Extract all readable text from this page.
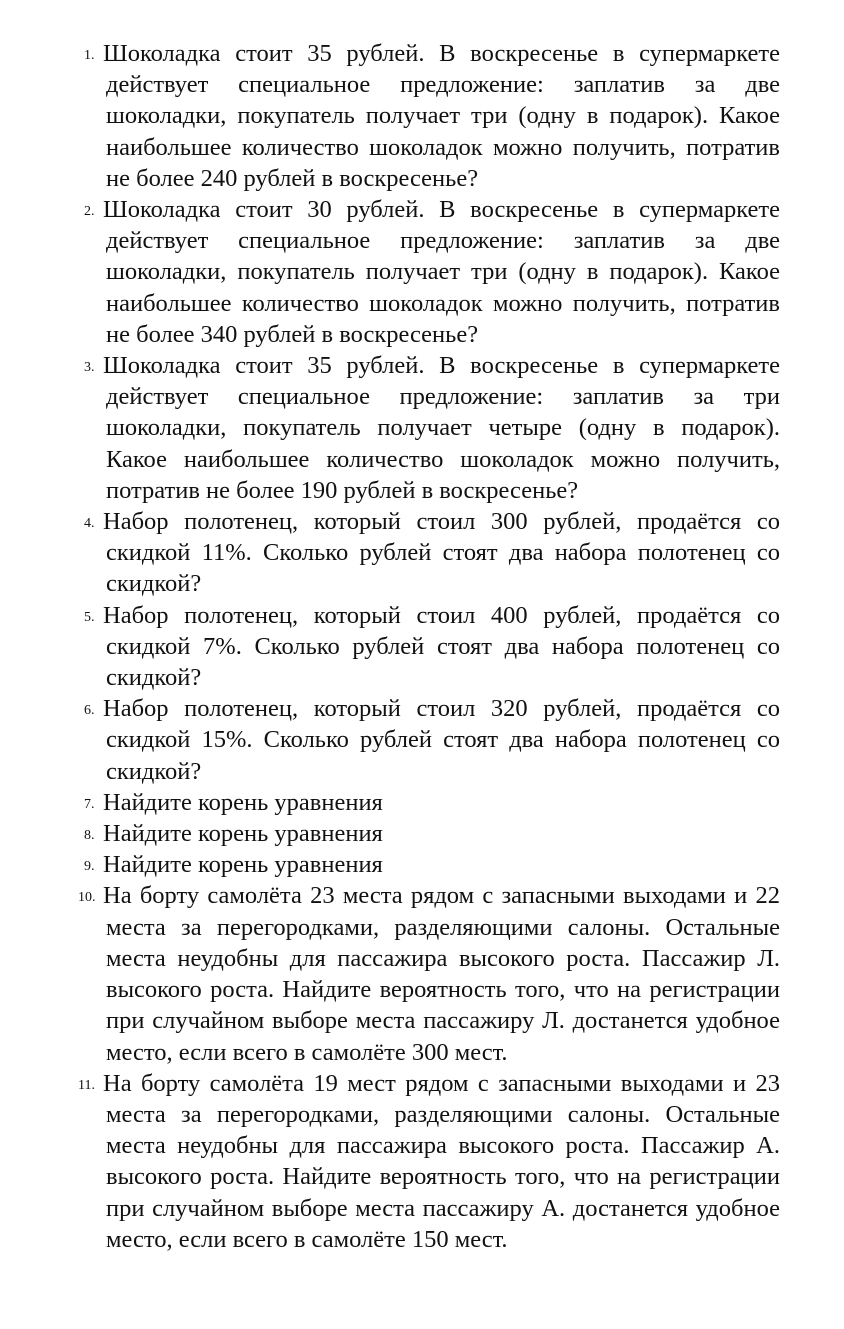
1. Шоколадка стоит 35 рублей. В воскресенье в супермаркете действует специальное предложение: заплатив за две шоколадки, покупатель получает три (одну в подарок). Какое наибольшее количество шоколадок можно получить, потратив не более 240 рублей в воскресенье?
2. Шоколадка стоит 30 рублей. В воскресенье в супермаркете действует специальное предложение: заплатив за две шоколадки, покупатель получает три (одну в подарок). Какое наибольшее количество шоколадок можно получить, потратив не более 340 рублей в воскресенье?
3. Шоколадка стоит 35 рублей. В воскресенье в супермаркете действует специальное предложение: заплатив за три шоколадки, покупатель получает четыре (одну в подарок). Какое наибольшее количество шоколадок можно получить, потратив не более 190 рублей в воскресенье?
4. Набор полотенец, который стоил 300 рублей, продаётся со скидкой 11%. Сколько рублей стоят два набора полотенец со скидкой?
5. Набор полотенец, который стоил 400 рублей, продаётся со скидкой 7%. Сколько рублей стоят два набора полотенец со скидкой?
6. Набор полотенец, который стоил 320 рублей, продаётся со скидкой 15%. Сколько рублей стоят два набора полотенец со скидкой?
7. Найдите корень уравнения
8. Найдите корень уравнения
9. Найдите корень уравнения
10. На борту самолёта 23 места рядом с запасными выходами и 22 места за перегородками, разделяющими салоны. Остальные места неудобны для пассажира высокого роста. Пассажир Л. высокого роста. Найдите вероятность того, что на регистрации при случайном выборе места пассажиру Л. достанется удобное место, если всего в самолёте 300 мест.
11. На борту самолёта 19 мест рядом с запасными выходами и 23 места за перегородками, разделяющими салоны. Остальные места неудобны для пассажира высокого роста. Пассажир А. высокого роста. Найдите вероятность того, что на регистрации при случайном выборе места пассажиру А. достанется удобное место, если всего в самолёте 150 мест.
